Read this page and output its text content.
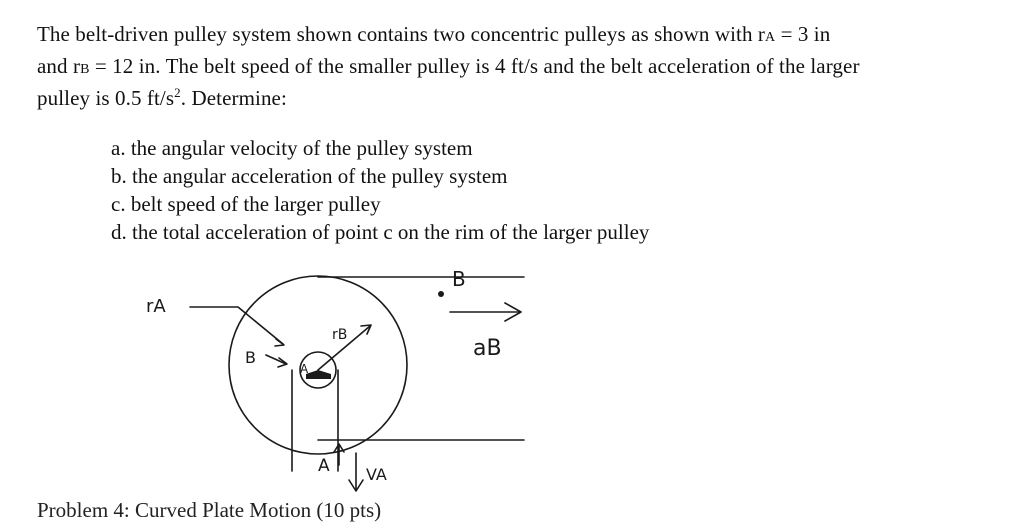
The belt-driven pulley system shown contains two concentric pulleys as shown with rA = 3 in
and rB = 12 in. The belt speed of the smaller pulley is 4 ft/s and the belt acceleration of the larger
pulley is 0.5 $ft/s^2$. Determine:
a. the angular velocity of the pulley system
b. the angular acceleration of the pulley system
c. belt speed of the larger pulley
d. the total acceleration of point c on the rim of the larger pulley
B
rA
rB
B
A
aB
A VA
Problem 4: Curved Plate Motion (10 pts)
